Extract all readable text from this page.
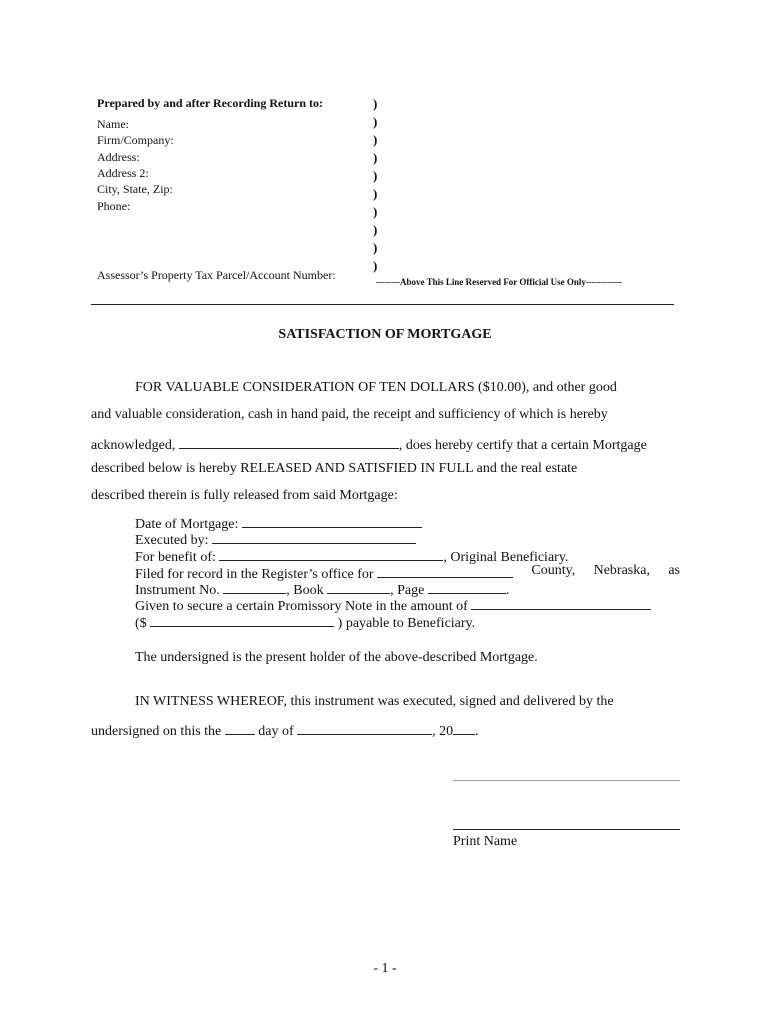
Prepared by and after Recording Return to:
Name:
Firm/Company:
Address:
Address 2:
City, State, Zip:
Phone:
Assessor’s Property Tax Parcel/Account Number:
)
)
)
)
)
)
)
)
)
)
--------Above This Line Reserved For Official Use Only------------
SATISFACTION OF MORTGAGE
FOR VALUABLE CONSIDERATION OF TEN DOLLARS ($10.00), and other good
and valuable consideration, cash in hand paid, the receipt and sufficiency of which is hereby
acknowledged,	, does hereby certify that a certain Mortgage
described below is hereby RELEASED AND SATISFIED IN FULL and the real estate
described therein is fully released from said Mortgage:
Date of Mortgage:
Executed by:
For benefit of:	, Original Beneficiary.
Filed for record in the Register’s office for	County, Nebraska, as
Instrument No.	, Book	, Page	.
Given to secure a certain Promissory Note in the amount of
($	) payable to Beneficiary.
The undersigned is the present holder of the above-described Mortgage.
IN WITNESS WHEREOF, this instrument was executed, signed and delivered by the
undersigned on this the	day of	, 20 .
Print Name
- 1 -
